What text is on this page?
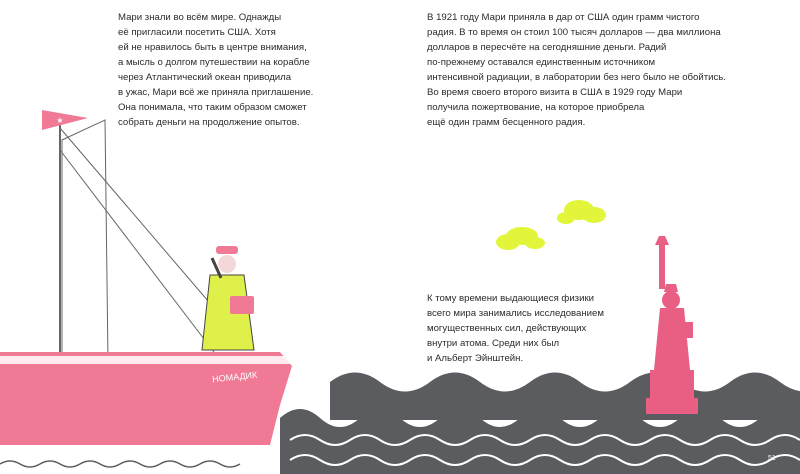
★
НОМАДИК

Мари знали во всём мире. Однажды
её пригласили посетить США. Хотя
ей не нравилось быть в центре внимания,
а мысль о долгом путешествии на корабле
через Атлантический океан приводила
в ужас, Мари всё же приняла приглашение.
Она понимала, что таким образом сможет
собрать деньги на продолжение опытов.

В 1921 году Мари приняла в дар от США один грамм чистого
радия. В то время он стоил 100 тысяч долларов — два миллиона
долларов в пересчёте на сегодняшние деньги. Радий
по-прежнему оставался единственным источником
интенсивной радиации, в лаборатории без него было не обойтись.
Во время своего второго визита в США в 1929 году Мари
получила пожертвование, на которое приобрела
ещё один грамм бесценного радия.

К тому времени выдающиеся физики
всего мира занимались исследованием
могущественных сил, действующих
внутри атома. Среди них был
и Альберт Эйнштейн.

51
